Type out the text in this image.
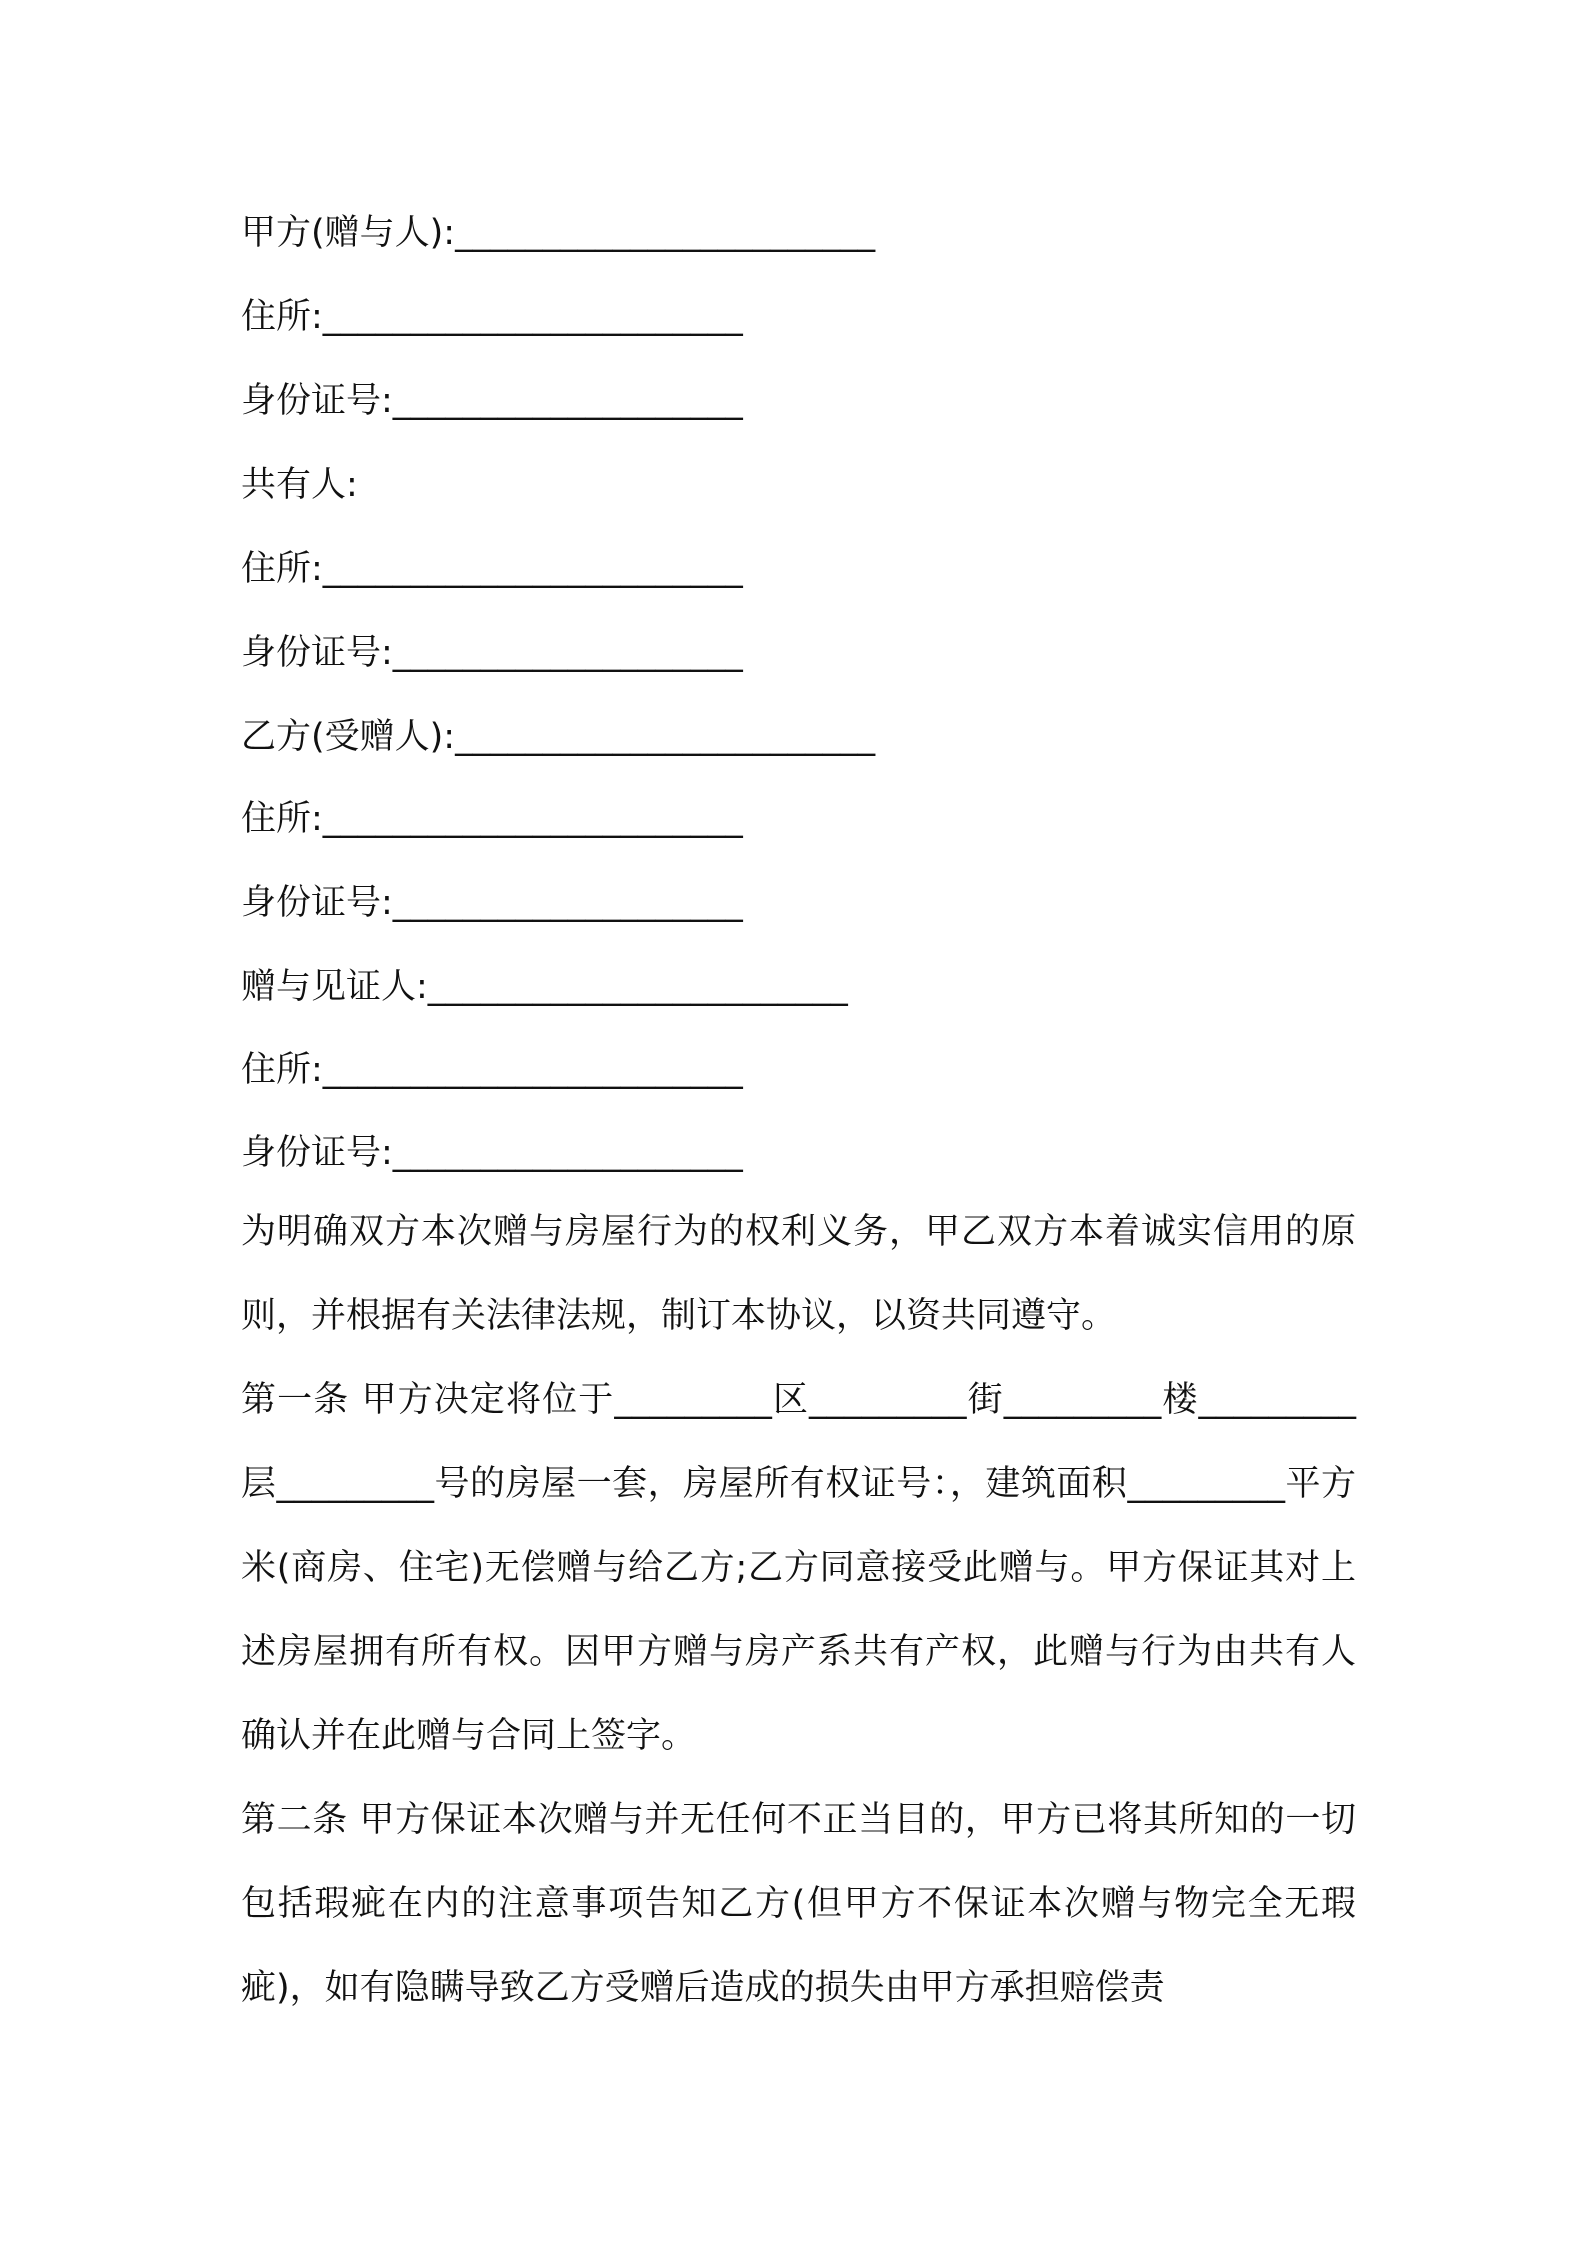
甲方(赠与人):________________________
住所:________________________
身份证号:____________________
共有人:
住所:________________________
身份证号:____________________
乙方(受赠人):________________________
住所:________________________
身份证号:____________________
赠与见证人:________________________
住所:________________________
身份证号:____________________
为明确双方本次赠与房屋行为的权利义务，甲乙双方本着诚实信用的原则，并根据有关法律法规，制订本协议，以资共同遵守。
第一条 甲方决定将位于_________区_________街_________楼_________层_________号的房屋一套，房屋所有权证号：，建筑面积_________平方米(商房、住宅)无偿赠与给乙方;乙方同意接受此赠与。甲方保证其对上述房屋拥有所有权。因甲方赠与房产系共有产权，此赠与行为由共有人确认并在此赠与合同上签字。
第二条 甲方保证本次赠与并无任何不正当目的，甲方已将其所知的一切包括瑕疵在内的注意事项告知乙方(但甲方不保证本次赠与物完全无瑕疵)，如有隐瞒导致乙方受赠后造成的损失由甲方承担赔偿责
